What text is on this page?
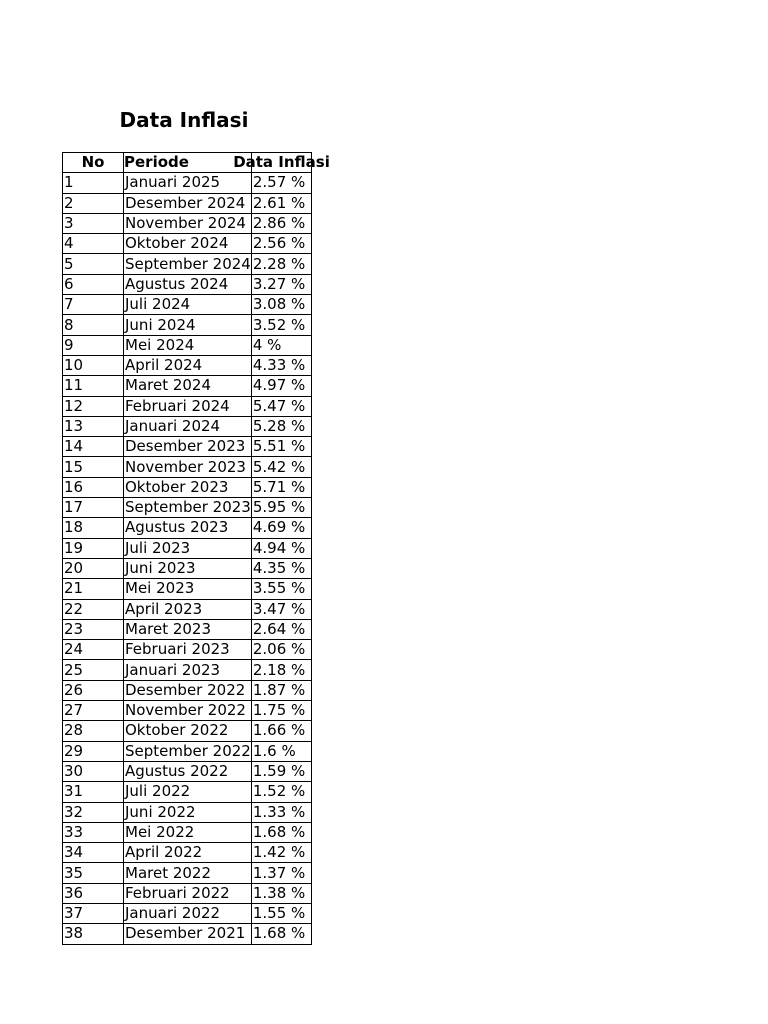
Data Inflasi
No	Periode	Data Inflasi

1	Januari 2025	2.57 %
2	Desember 2024	2.61 %
3	November 2024	2.86 %
4	Oktober 2024	2.56 %
5	September 2024	2.28 %
6	Agustus 2024	3.27 %
7	Juli 2024	3.08 %
8	Juni 2024	3.52 %
9	Mei 2024	4 %
10	April 2024	4.33 %
11	Maret 2024	4.97 %
12	Februari 2024	5.47 %
13	Januari 2024	5.28 %
14	Desember 2023	5.51 %
15	November 2023	5.42 %
16	Oktober 2023	5.71 %
17	September 2023	5.95 %
18	Agustus 2023	4.69 %
19	Juli 2023	4.94 %
20	Juni 2023	4.35 %
21	Mei 2023	3.55 %
22	April 2023	3.47 %
23	Maret 2023	2.64 %
24	Februari 2023	2.06 %
25	Januari 2023	2.18 %
26	Desember 2022	1.87 %
27	November 2022	1.75 %
28	Oktober 2022	1.66 %
29	September 2022	1.6 %
30	Agustus 2022	1.59 %
31	Juli 2022	1.52 %
32	Juni 2022	1.33 %
33	Mei 2022	1.68 %
34	April 2022	1.42 %
35	Maret 2022	1.37 %
36	Februari 2022	1.38 %
37	Januari 2022	1.55 %
38	Desember 2021	1.68 %
